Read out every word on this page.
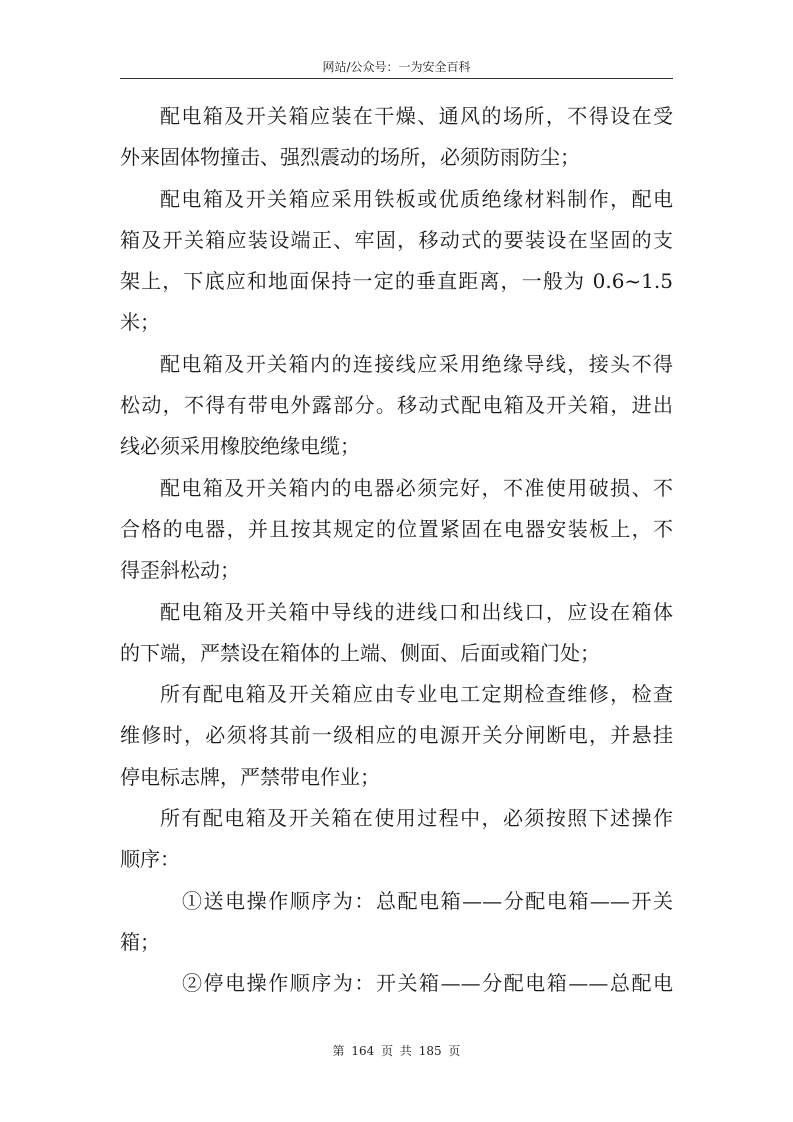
网站/公众号：一为安全百科
配电箱及开关箱应装在干燥、通风的场所，不得设在受
外来固体物撞击、强烈震动的场所，必须防雨防尘；
配电箱及开关箱应采用铁板或优质绝缘材料制作，配电
箱及开关箱应装设端正、牢固，移动式的要装设在坚固的支
架上，下底应和地面保持一定的垂直距离，一般为 0.6~1.5
米；
配电箱及开关箱内的连接线应采用绝缘导线，接头不得
松动，不得有带电外露部分。移动式配电箱及开关箱，进出
线必须采用橡胶绝缘电缆；
配电箱及开关箱内的电器必须完好，不准使用破损、不
合格的电器，并且按其规定的位置紧固在电器安装板上，不
得歪斜松动；
配电箱及开关箱中导线的进线口和出线口，应设在箱体
的下端，严禁设在箱体的上端、侧面、后面或箱门处；
所有配电箱及开关箱应由专业电工定期检查维修，检查
维修时，必须将其前一级相应的电源开关分闸断电，并悬挂
停电标志牌，严禁带电作业；
所有配电箱及开关箱在使用过程中，必须按照下述操作
顺序：
①送电操作顺序为：总配电箱——分配电箱——开关
箱；
②停电操作顺序为：开关箱——分配电箱——总配电
第 164 页 共 185 页
